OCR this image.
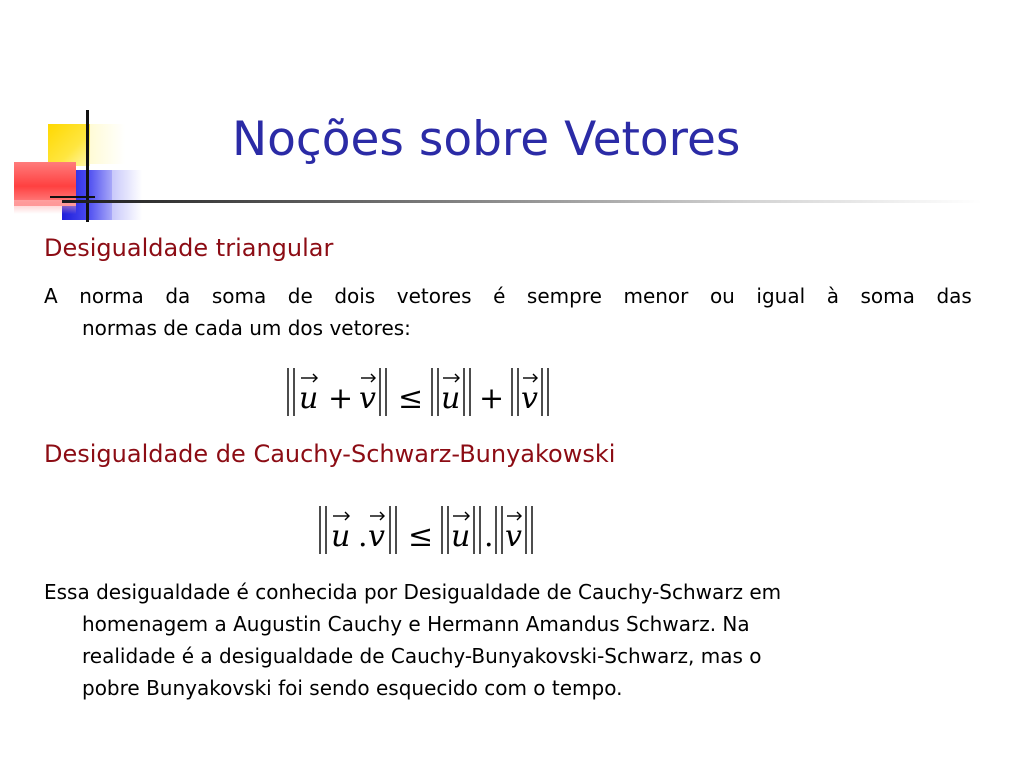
Noções sobre Vetores
Desigualdade triangular
A norma da soma de dois vetores é sempre menor ou igual à soma das
normas de cada um dos vetores:
u + v ≤ u + v
Desigualdade de Cauchy-Schwarz-Bunyakowski
u . v ≤ u . v
Essa desigualdade é conhecida por Desigualdade de Cauchy-Schwarz em
homenagem a Augustin Cauchy e Hermann Amandus Schwarz. Na
realidade é a desigualdade de Cauchy-Bunyakovski-Schwarz, mas o
pobre Bunyakovski foi sendo esquecido com o tempo.
